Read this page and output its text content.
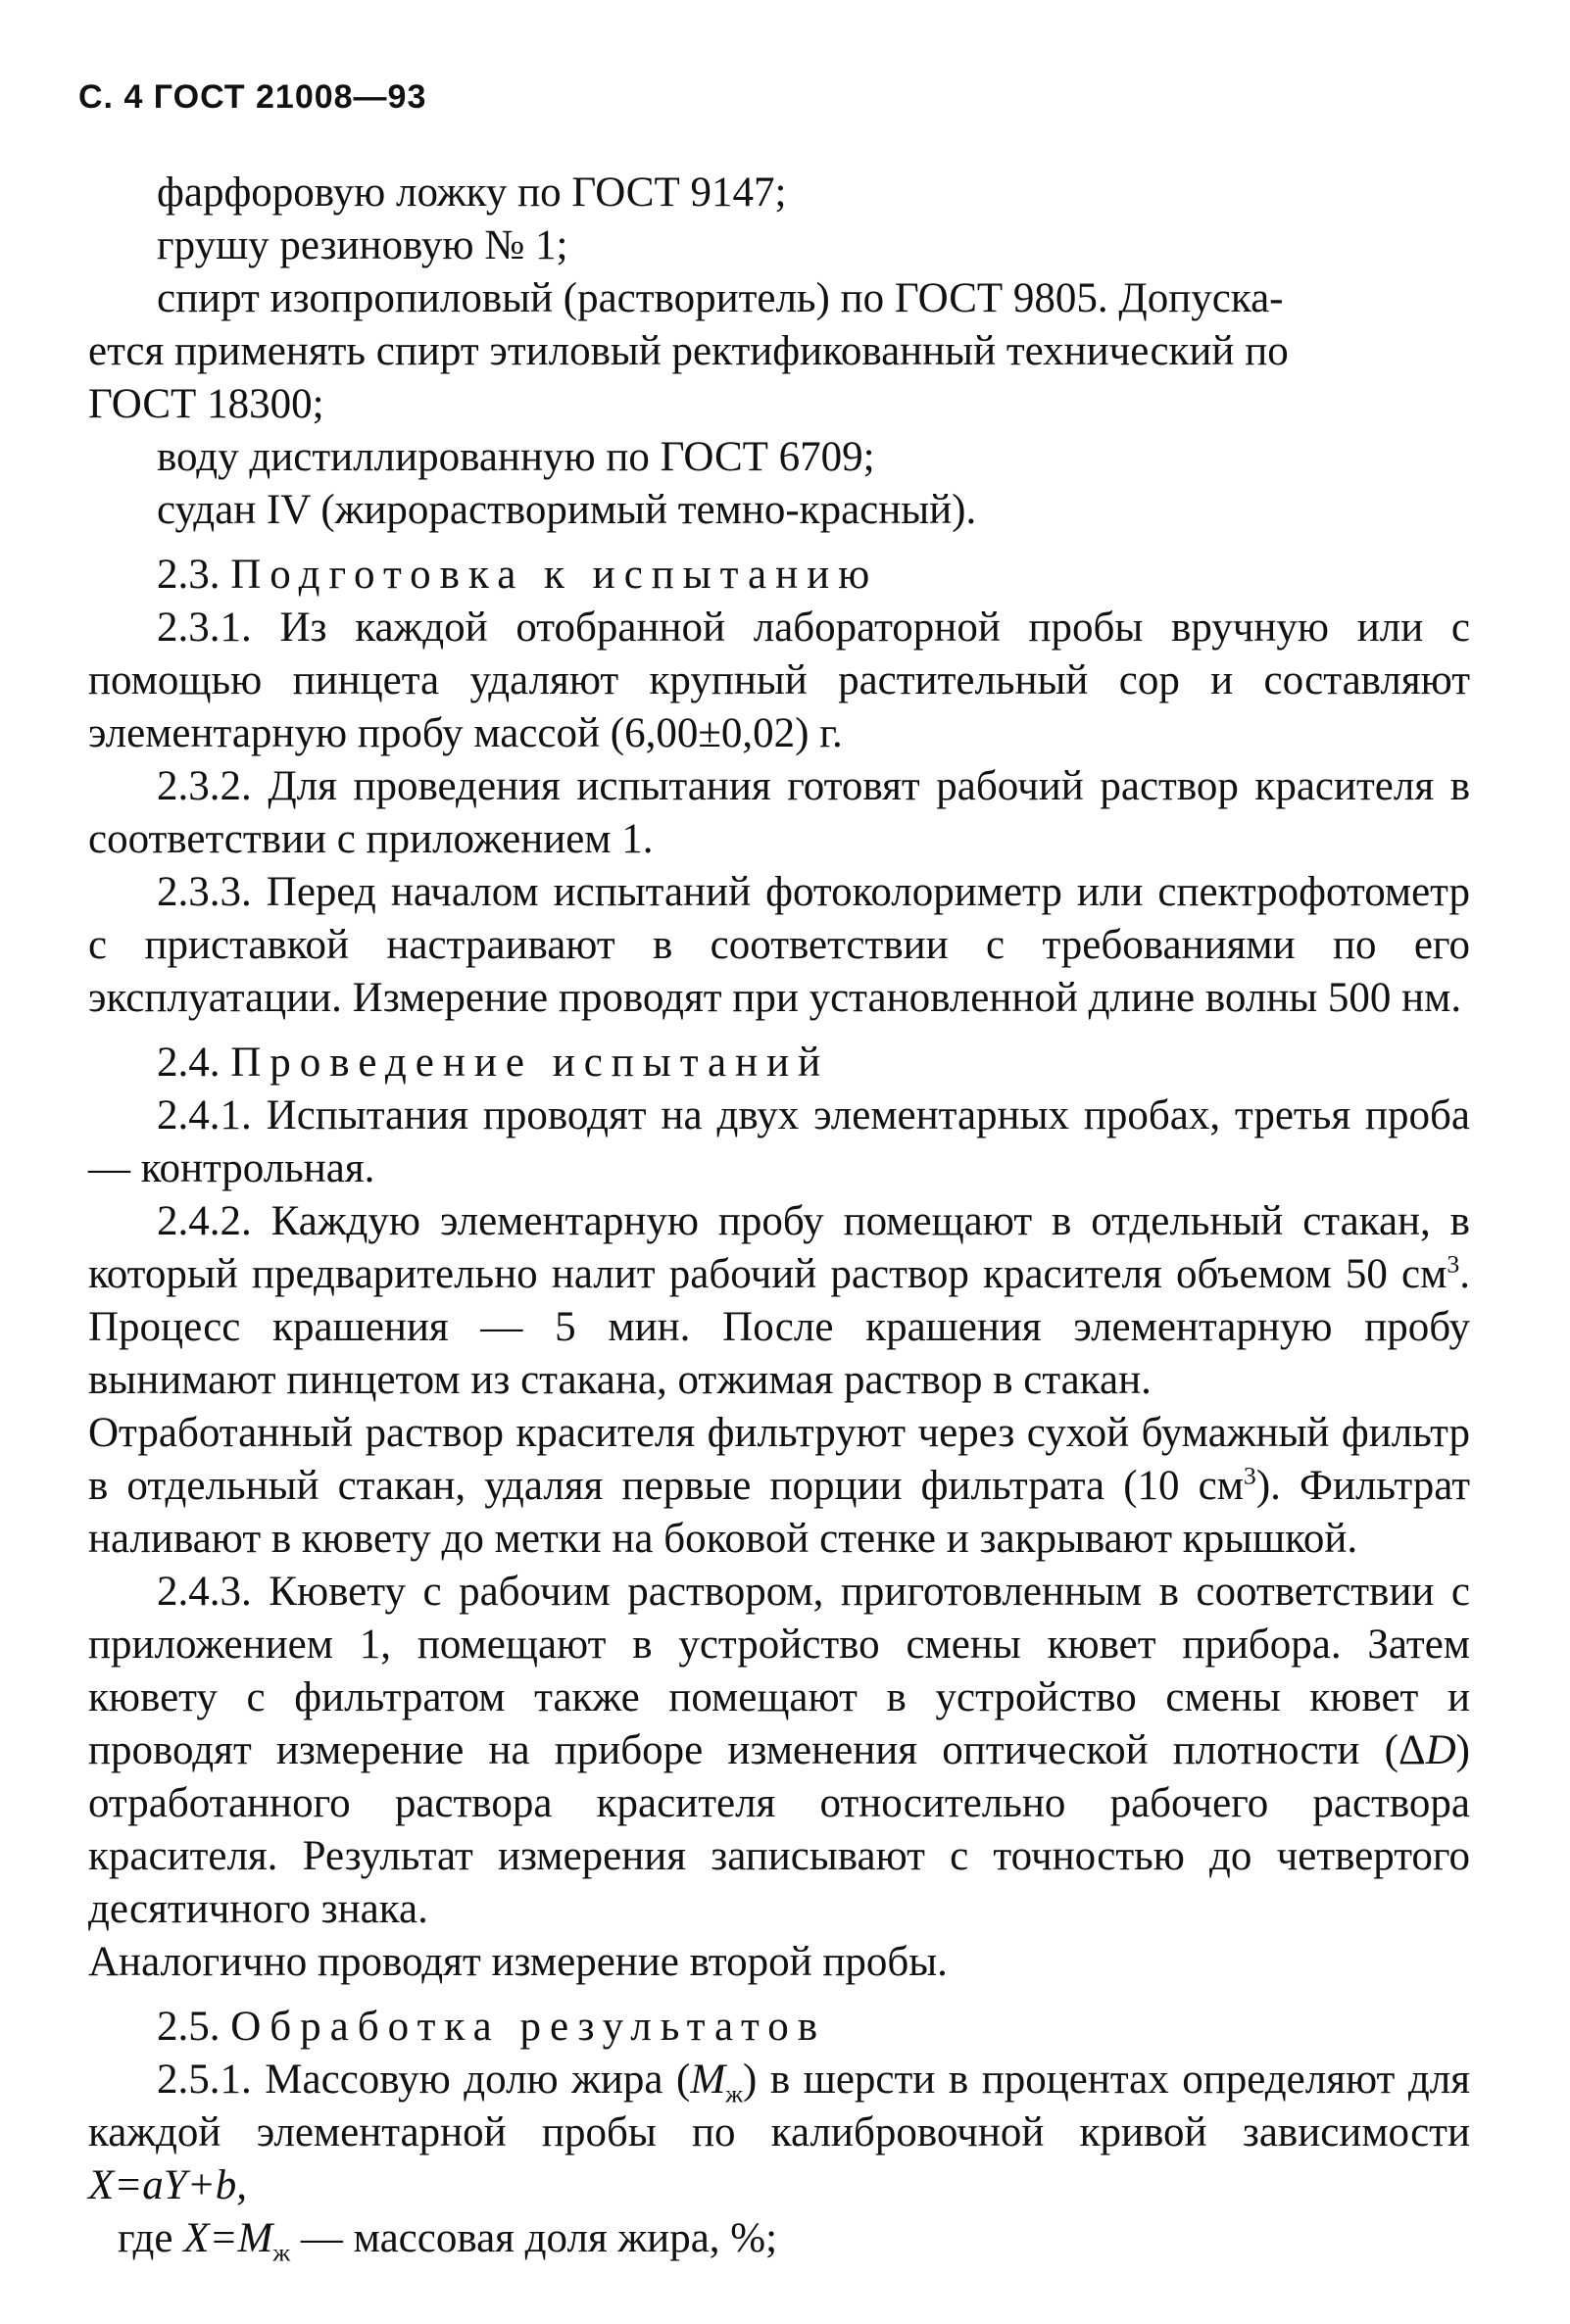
С. 4 ГОСТ 21008—93
фарфоровую ложку по ГОСТ 9147;
грушу резиновую № 1;
спирт изопропиловый (растворитель) по ГОСТ 9805. Допуска-
ется применять спирт этиловый ректификованный технический по
ГОСТ 18300;
воду дистиллированную по ГОСТ 6709;
судан IV (жирорастворимый темно-красный).

2.3. Подготовка к испытанию

2.3.1. Из каждой отобранной лабораторной пробы вручную или с помощью пинцета удаляют крупный растительный сор и составляют элементарную пробу массой (6,00±0,02) г.

2.3.2. Для проведения испытания готовят рабочий раствор красителя в соответствии с приложением 1.

2.3.3. Перед началом испытаний фотоколориметр или спектрофотометр с приставкой настраивают в соответствии с требованиями по его эксплуатации. Измерение проводят при установленной длине волны 500 нм.

2.4. Проведение испытаний

2.4.1. Испытания проводят на двух элементарных пробах, третья проба — контрольная.

2.4.2. Каждую элементарную пробу помещают в отдельный стакан, в который предварительно налит рабочий раствор красителя объемом 50 $см^3$. Процесс крашения — 5 мин. После крашения элементарную пробу вынимают пинцетом из стакана, отжимая раствор в стакан.

Отработанный раствор красителя фильтруют через сухой бумажный фильтр в отдельный стакан, удаляя первые порции фильтрата (10 $см^3$). Фильтрат наливают в кювету до метки на боковой стенке и закрывают крышкой.

2.4.3. Кювету с рабочим раствором, приготовленным в соответствии с приложением 1, помещают в устройство смены кювет прибора. Затем кювету с фильтратом также помещают в устройство смены кювет и проводят измерение на приборе изменения оптической плотности (ΔD) отработанного раствора красителя относительно рабочего раствора красителя. Результат измерения записывают с точностью до четвертого десятичного знака.

Аналогично проводят измерение второй пробы.

2.5. Обработка результатов

2.5.1. Массовую долю жира $(M_ж)$ в шерсти в процентах определяют для каждой элементарной пробы по калибровочной кривой зависимости X=aY+b,

где $X=M_ж$ — массовая доля жира, %;
